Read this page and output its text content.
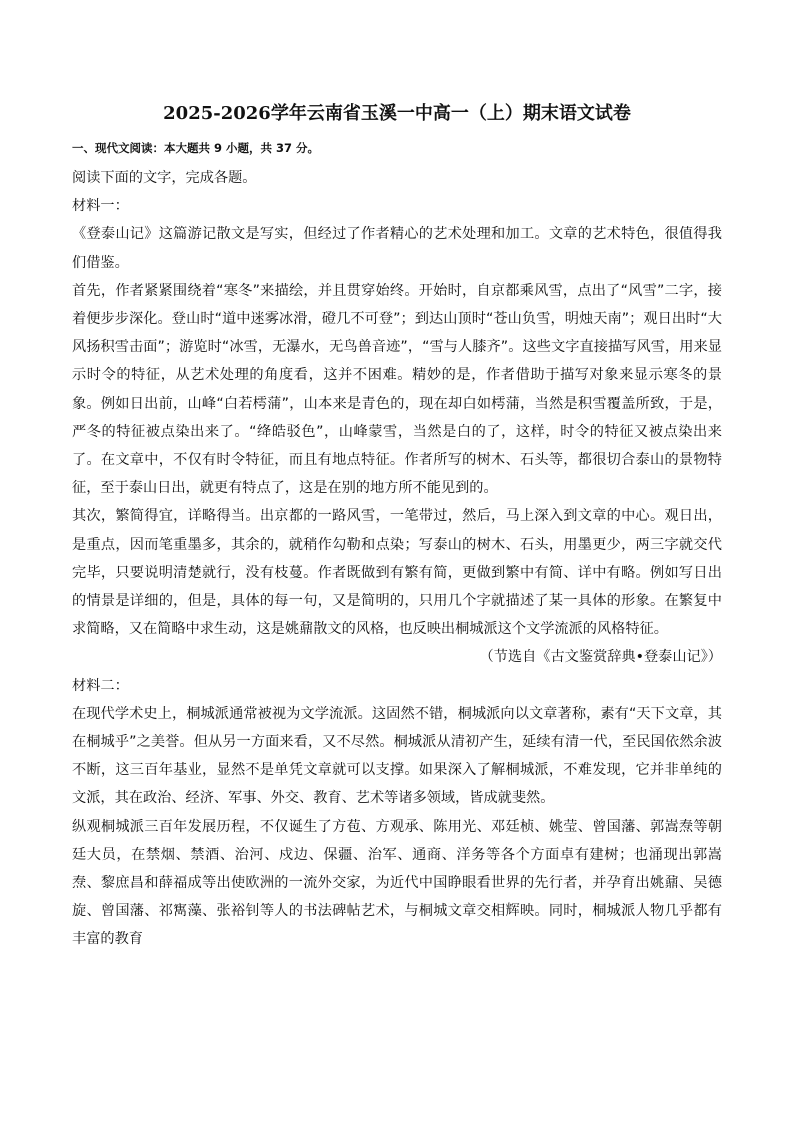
2025-2026学年云南省玉溪一中高一（上）期末语文试卷
一、现代文阅读：本大题共 9 小题，共 37 分。

阅读下面的文字，完成各题。

材料一：

《登泰山记》这篇游记散文是写实，但经过了作者精心的艺术处理和加工。文章的艺术特色，很值得我们借鉴。

首先，作者紧紧围绕着“寒冬”来描绘，并且贯穿始终。开始时，自京都乘风雪，点出了“风雪”二字，接着便步步深化。登山时“道中迷雾冰滑，磴几不可登”；到达山顶时“苍山负雪，明烛天南”；观日出时“大风扬积雪击面”；游览时“冰雪，无瀑水，无鸟兽音迹”，“雪与人膝齐”。这些文字直接描写风雪，用来显示时令的特征，从艺术处理的角度看，这并不困难。精妙的是，作者借助于描写对象来显示寒冬的景象。例如日出前，山峰“白若樗蒲”，山本来是青色的，现在却白如樗蒲，当然是积雪覆盖所致，于是，严冬的特征被点染出来了。“绛皓驳色”，山峰蒙雪，当然是白的了，这样，时令的特征又被点染出来了。在文章中，不仅有时令特征，而且有地点特征。作者所写的树木、石头等，都很切合泰山的景物特征，至于泰山日出，就更有特点了，这是在别的地方所不能见到的。

其次，繁简得宜，详略得当。出京都的一路风雪，一笔带过，然后，马上深入到文章的中心。观日出，是重点，因而笔重墨多，其余的，就稍作勾勒和点染；写泰山的树木、石头，用墨更少，两三字就交代完毕，只要说明清楚就行，没有枝蔓。作者既做到有繁有简，更做到繁中有简、详中有略。例如写日出的情景是详细的，但是，具体的每一句，又是简明的，只用几个字就描述了某一具体的形象。在繁复中求简略，又在简略中求生动，这是姚鼐散文的风格，也反映出桐城派这个文学流派的风格特征。

（节选自《古文鉴赏辞典•登泰山记》）

材料二：

在现代学术史上，桐城派通常被视为文学流派。这固然不错，桐城派向以文章著称，素有“天下文章，其在桐城乎”之美誉。但从另一方面来看，又不尽然。桐城派从清初产生，延续有清一代，至民国依然余波不断，这三百年基业，显然不是单凭文章就可以支撑。如果深入了解桐城派，不难发现，它并非单纯的文派，其在政治、经济、军事、外交、教育、艺术等诸多领域，皆成就斐然。

纵观桐城派三百年发展历程，不仅诞生了方苞、方观承、陈用光、邓廷桢、姚莹、曾国藩、郭嵩焘等朝廷大员，在禁烟、禁酒、治河、戍边、保疆、治军、通商、洋务等各个方面卓有建树；也涌现出郭嵩焘、黎庶昌和薛福成等出使欧洲的一流外交家，为近代中国睁眼看世界的先行者，并孕育出姚鼐、吴德旋、曾国藩、祁寯藻、张裕钊等人的书法碑帖艺术，与桐城文章交相辉映。同时，桐城派人物几乎都有丰富的教育
